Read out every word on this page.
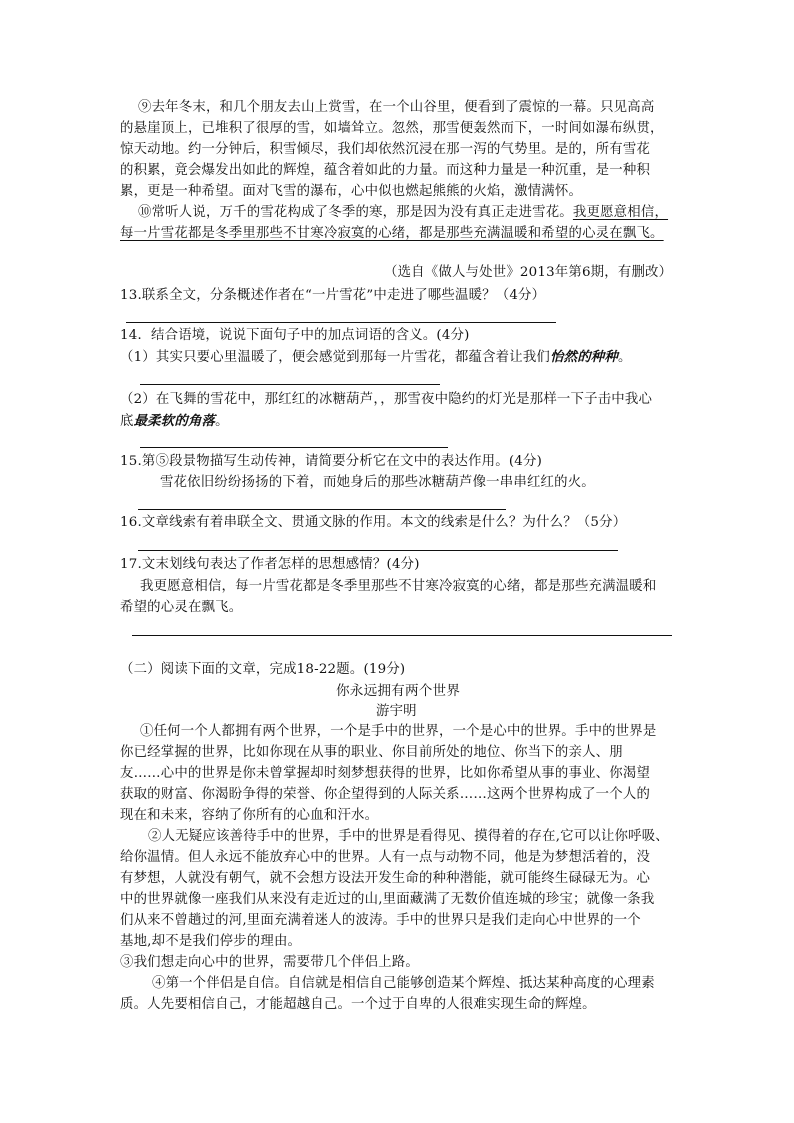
⑨去年冬末，和几个朋友去山上赏雪，在一个山谷里，便看到了震惊的一幕。只见高高
的悬崖顶上，已堆积了很厚的雪，如墙耸立。忽然，那雪便轰然而下，一时间如瀑布纵贯，
惊天动地。约一分钟后，积雪倾尽，我们却依然沉浸在那一泻的气势里。是的，所有雪花
的积累，竟会爆发出如此的辉煌，蕴含着如此的力量。而这种力量是一种沉重，是一种积
累，更是一种希望。面对飞雪的瀑布，心中似也燃起熊熊的火焰，激情满怀。
⑩常听人说，万千的雪花构成了冬季的寒，那是因为没有真正走进雪花。我更愿意相信，
每一片雪花都是冬季里那些不甘寒冷寂寞的心绪，都是那些充满温暖和希望的心灵在飘飞。
（选自《做人与处世》2013年第6期，有删改）
13.联系全文，分条概述作者在“一片雪花”中走进了哪些温暖？（4分）
14．结合语境，说说下面句子中的加点词语的含义。(4分)
（1）其实只要心里温暖了，便会感觉到那每一片雪花，都蕴含着让我们怡然的种种。
（2）在飞舞的雪花中，那红红的冰糖葫芦，，那雪夜中隐约的灯光是那样一下子击中我心
底最柔软的角落。
15.第⑤段景物描写生动传神，请简要分析它在文中的表达作用。(4分)
雪花依旧纷纷扬扬的下着，而她身后的那些冰糖葫芦像一串串红红的火。
16.文章线索有着串联全文、贯通文脉的作用。本文的线索是什么？为什么？（5分）
17.文末划线句表达了作者怎样的思想感情？(4分)
我更愿意相信，每一片雪花都是冬季里那些不甘寒冷寂寞的心绪，都是那些充满温暖和
希望的心灵在飘飞。
（二）阅读下面的文章，完成18-22题。(19分)
你永远拥有两个世界
游宇明
①任何一个人都拥有两个世界，一个是手中的世界，一个是心中的世界。手中的世界是
你已经掌握的世界，比如你现在从事的职业、你目前所处的地位、你当下的亲人、朋
友……心中的世界是你未曾掌握却时刻梦想获得的世界，比如你希望从事的事业、你渴望
获取的财富、你渴盼争得的荣誉、你企望得到的人际关系……这两个世界构成了一个人的
现在和未来，容纳了你所有的心血和汗水。
②人无疑应该善待手中的世界，手中的世界是看得见、摸得着的存在,它可以让你呼吸、
给你温情。但人永远不能放弃心中的世界。人有一点与动物不同，他是为梦想活着的，没
有梦想，人就没有朝气，就不会想方设法开发生命的种种潜能，就可能终生碌碌无为。心
中的世界就像一座我们从来没有走近过的山,里面藏满了无数价值连城的珍宝；就像一条我
们从来不曾趟过的河,里面充满着迷人的波涛。手中的世界只是我们走向心中世界的一个
基地,却不是我们停步的理由。
③我们想走向心中的世界，需要带几个伴侣上路。
④第一个伴侣是自信。自信就是相信自己能够创造某个辉煌、抵达某种高度的心理素
质。人先要相信自己，才能超越自己。一个过于自卑的人很难实现生命的辉煌。
